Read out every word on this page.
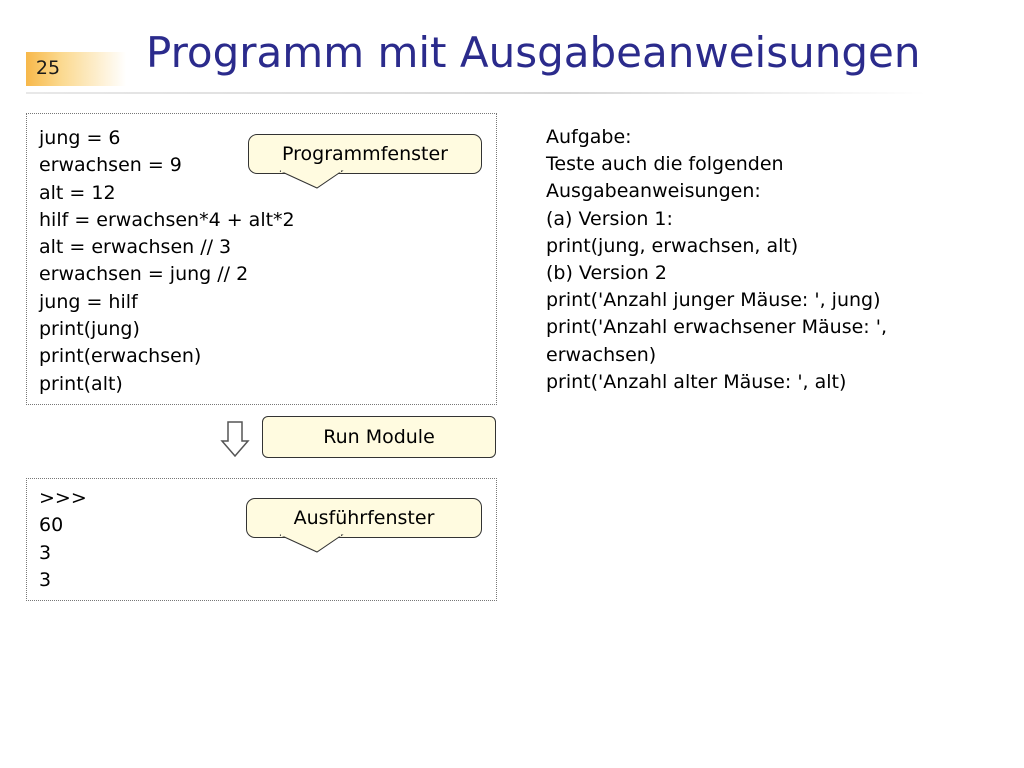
25 Programm mit Ausgabeanweisungen
jung = 6
erwachsen = 9
alt = 12
hilf = erwachsen*4 + alt*2
alt = erwachsen // 3
erwachsen = jung // 2
jung = hilf
print(jung)
print(erwachsen)
print(alt)
Programmfenster
Run Module
>>>
60
3
3
Ausführfenster
Aufgabe:
Teste auch die folgenden
Ausgabeanweisungen:
(a) Version 1:
print(jung, erwachsen, alt)
(b) Version 2
print('Anzahl junger Mäuse: ', jung)
print('Anzahl erwachsener Mäuse: ',
erwachsen)
print('Anzahl alter Mäuse: ', alt)
